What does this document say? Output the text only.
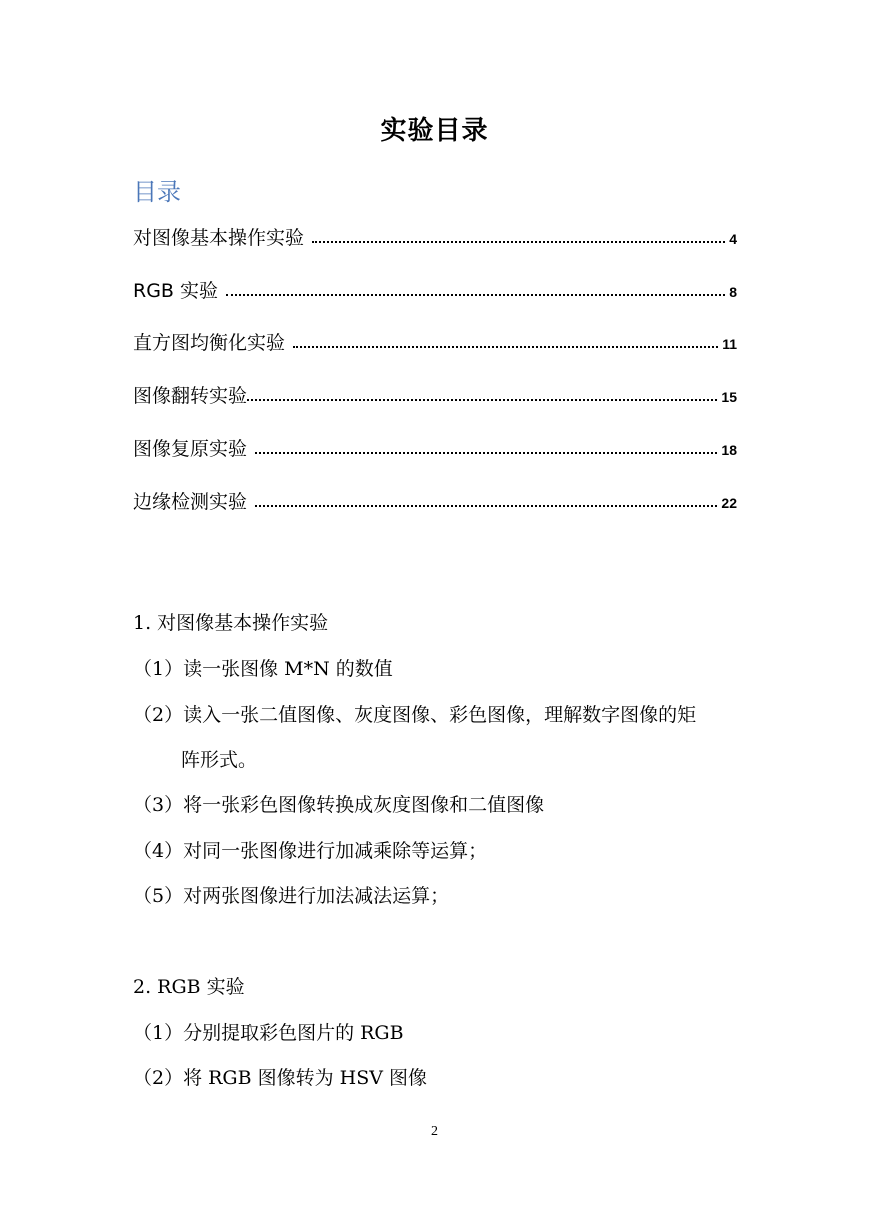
实验目录
目录
对图像基本操作实验	4
RGB 实验	8
直方图均衡化实验	11
图像翻转实验	15
图像复原实验	18
边缘检测实验	22
1. 对图像基本操作实验
（1）读一张图像 M*N 的数值
（2）读入一张二值图像、灰度图像、彩色图像，理解数字图像的矩
阵形式。
（3）将一张彩色图像转换成灰度图像和二值图像
（4）对同一张图像进行加减乘除等运算；
（5）对两张图像进行加法减法运算；
2. RGB 实验
（1）分别提取彩色图片的 RGB
（2）将 RGB 图像转为 HSV 图像
2
